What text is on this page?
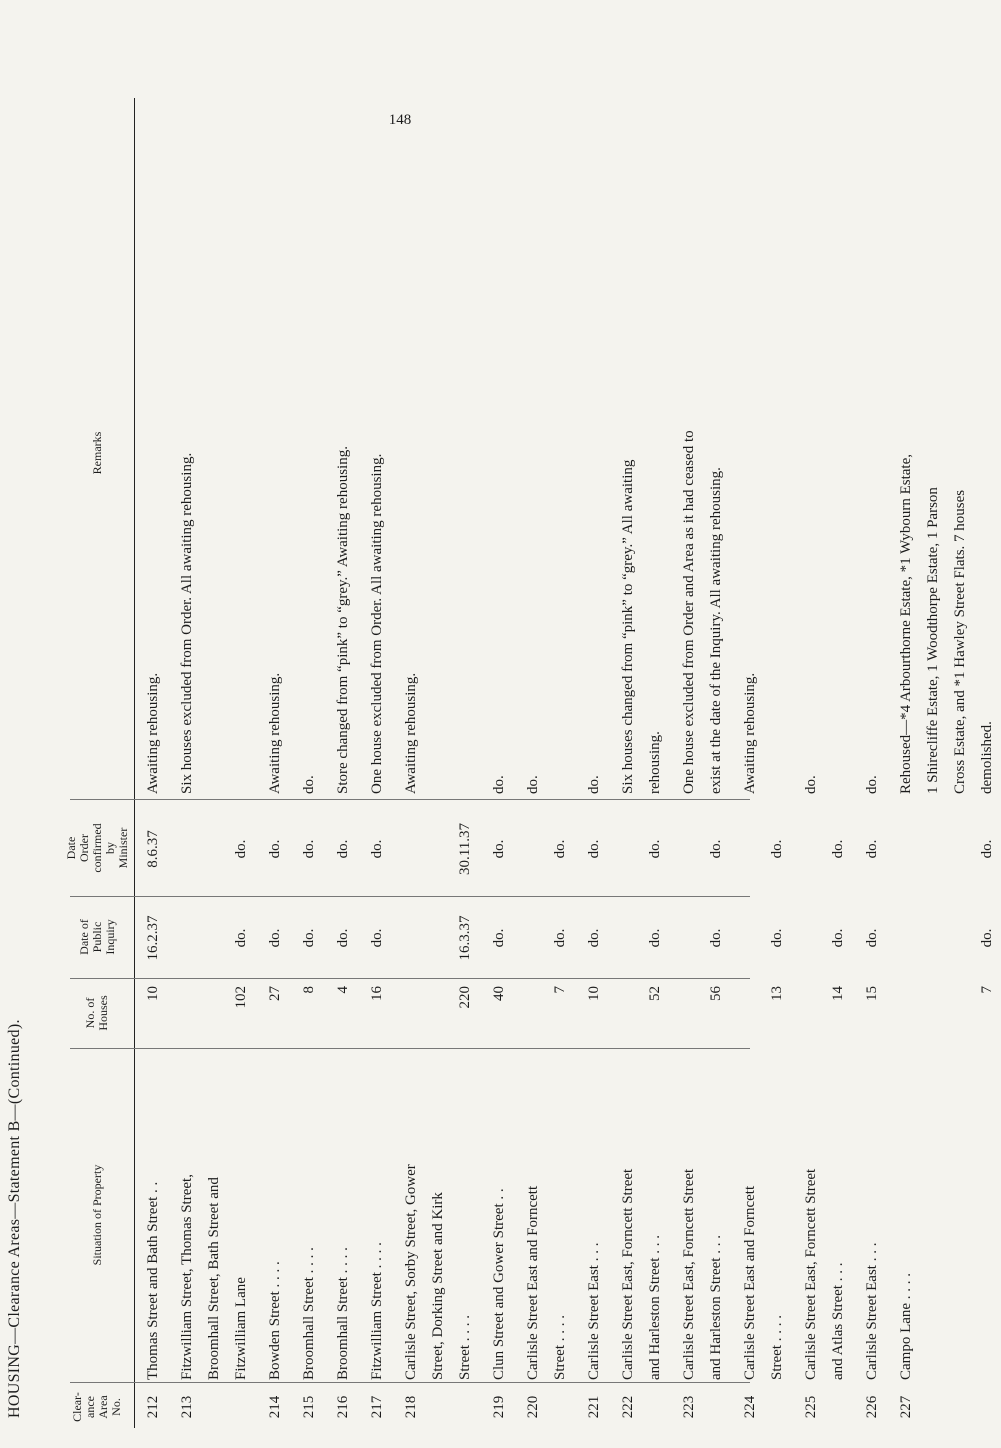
148
HOUSING—Clearance Areas—Statement B—(Continued).	Clear-
ance
Area
No.
Situation of Property
No. of
Houses
Date of
Public
Inquiry
Date
Order
confirmed
by
Minister
Remarks
212
Thomas Street and Bath Street . .
10
16.2.37
8.6.37
Awaiting rehousing.
213
Fitzwilliam Street, Thomas Street, Broomhall Street, Bath Street and Fitzwilliam Lane
102
do.
do.
Six houses excluded from Order. All awaiting rehousing.
214
Bowden Street . . . .
27
do.
do.
Awaiting rehousing.
215
Broomhall Street . . . .
8
do.
do.
do.
216
Broomhall Street . . . .
4
do.
do.
Store changed from “pink” to “grey.” Awaiting rehousing.
217
Fitzwilliam Street . . . .
16
do.
do.
One house excluded from Order. All awaiting rehousing.
218
Carlisle Street, Sorby Street, Gower Street, Dorking Street and Kirk Street . . . .
220
16.3.37
30.11.37
Awaiting rehousing.
219
Clun Street and Gower Street . .
40
do.
do.
do.
220
Carlisle Street East and Forncett Street . . . .
7
do.
do.
do.
221
Carlisle Street East . . .
10
do.
do.
do.
222
Carlisle Street East, Forncett Street and Harleston Street . . .
52
do.
do.
Six houses changed from “pink” to “grey.” All awaiting rehousing.
223
Carlisle Street East, Forncett Street and Harleston Street . . .
56
do.
do.
One house excluded from Order and Area as it had ceased to exist at the date of the Inquiry. All awaiting rehousing.
224
Carlisle Street East and Forncett Street . . . .
13
do.
do.
Awaiting rehousing.
225
Carlisle Street East, Forncett Street and Atlas Street . . .
14
do.
do.
do.
226
Carlisle Street East . . .
15
do.
do.
do.
227
Campo Lane . . . .
7
do.
do.
Rehoused—*4 Arbourthorne Estate, *1 Wybourn Estate, 1 Shirecliffe Estate, 1 Woodthorpe Estate, 1 Parson Cross Estate, and *1 Hawley Street Flats. 7 houses demolished.
